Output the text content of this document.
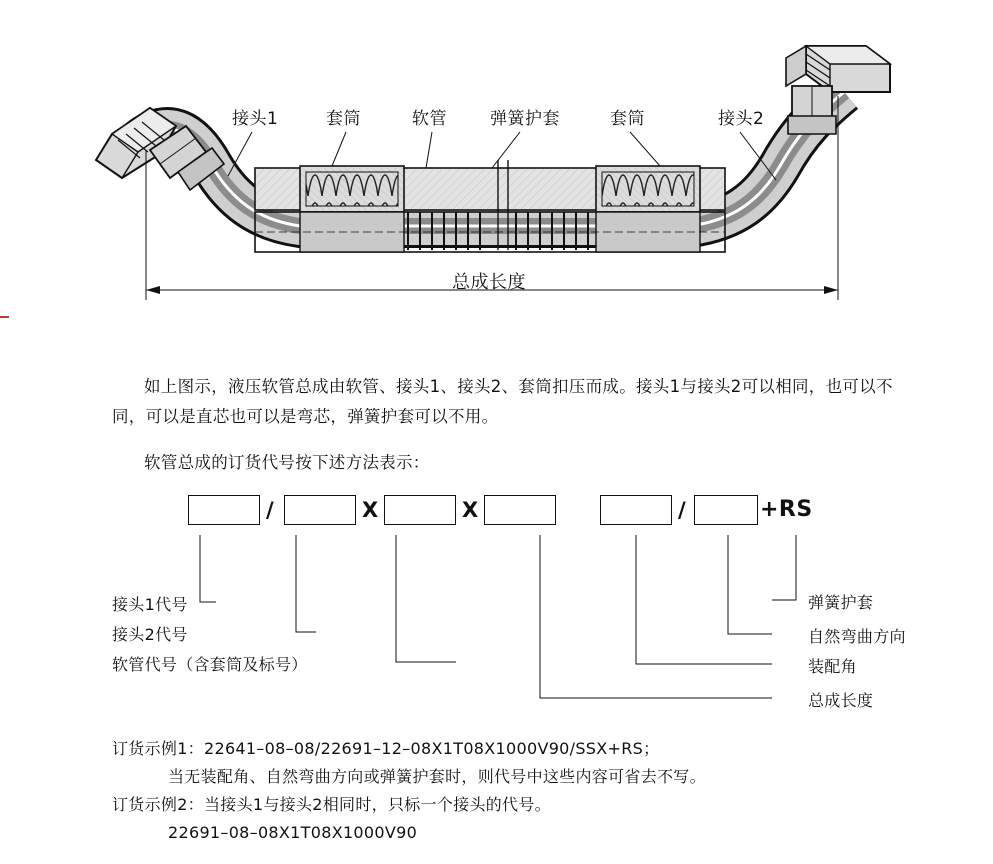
接头1	套筒	软管	弹簧护套	套筒	接头2
总成长度
如上图示，液压软管总成由软管、接头1、接头2、套筒扣压而成。接头1与接头2可以相同，也可以不同，可以是直芯也可以是弯芯，弹簧护套可以不用。
软管总成的订货代号按下述方法表示：
/	X	X	/	+RS
接头1代号
接头2代号
软管代号（含套筒及标号）
总成长度
装配角
自然弯曲方向
弹簧护套
订货示例1：22641–08–08/22691–12–08X1T08X1000V90/SSX+RS；
当无装配角、自然弯曲方向或弹簧护套时，则代号中这些内容可省去不写。
订货示例2：当接头1与接头2相同时，只标一个接头的代号。
22691–08–08X1T08X1000V90
